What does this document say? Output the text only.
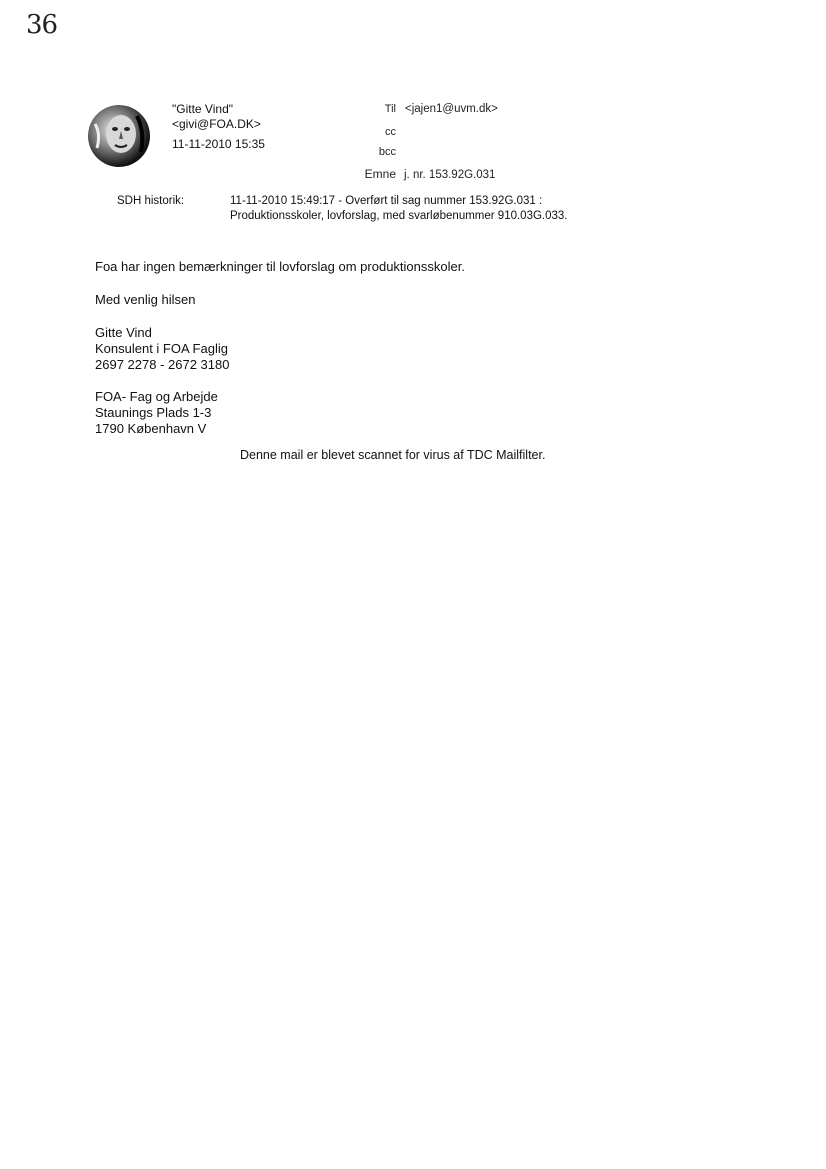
36
"Gitte Vind"
<givi@FOA.DK>
11-11-2010 15:35
Til <jajen1@uvm.dk>
cc
bcc
Emne j. nr. 153.92G.031
SDH historik:	11-11-2010 15:49:17 - Overført til sag nummer 153.92G.031 :
Produktionsskoler, lovforslag, med svarløbenummer 910.03G.033.
Foa har ingen bemærkninger til lovforslag om produktionsskoler.
Med venlig hilsen
Gitte Vind
Konsulent i FOA Faglig
2697 2278 - 2672 3180
FOA- Fag og Arbejde
Staunings Plads 1-3
1790 København V
Denne mail er blevet scannet for virus af TDC Mailfilter.
